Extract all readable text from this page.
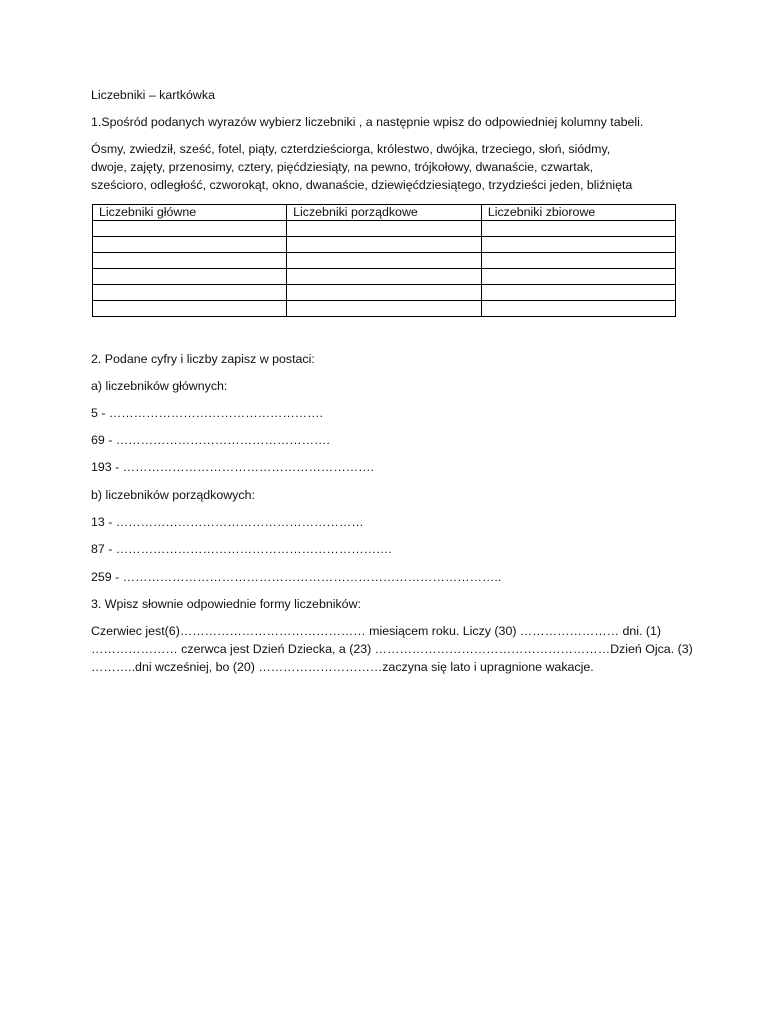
Liczebniki – kartkówka

1.Spośród podanych wyrazów wybierz liczebniki , a następnie wpisz do odpowiedniej kolumny tabeli.

Ósmy, zwiedził, sześć, fotel, piąty, czterdzieściorga, królestwo, dwójka, trzeciego, słoń, siódmy,
dwoje, zajęty, przenosimy, cztery, pięćdziesiąty, na pewno, trójkołowy, dwanaście, czwartak,
sześcioro, odległość, czworokąt, okno, dwanaście, dziewięćdziesiątego, trzydzieści jeden, bliźnięta
Liczebniki główne	Liczebniki porządkowe	Liczebniki zbiorowe

2. Podane cyfry i liczby zapisz w postaci:

a) liczebników głównych:

5 - …………………………………………….

69 - …………………………………………….

193 - …………………………………………………….

b) liczebników porządkowych:

13 - ……………………………………………………

87 - ………………………………………………………….

259 - ………………………………………………………………………………..

3. Wpisz słownie odpowiednie formy liczebników:

Czerwiec jest(6)……………………………………… miesiącem roku. Liczy (30) …………………… dni. (1)
………………… czerwca jest Dzień Dziecka, a (23) …………………………………………………Dzień Ojca. (3)
………..dni wcześniej, bo (20) …………………………zaczyna się lato i upragnione wakacje.
